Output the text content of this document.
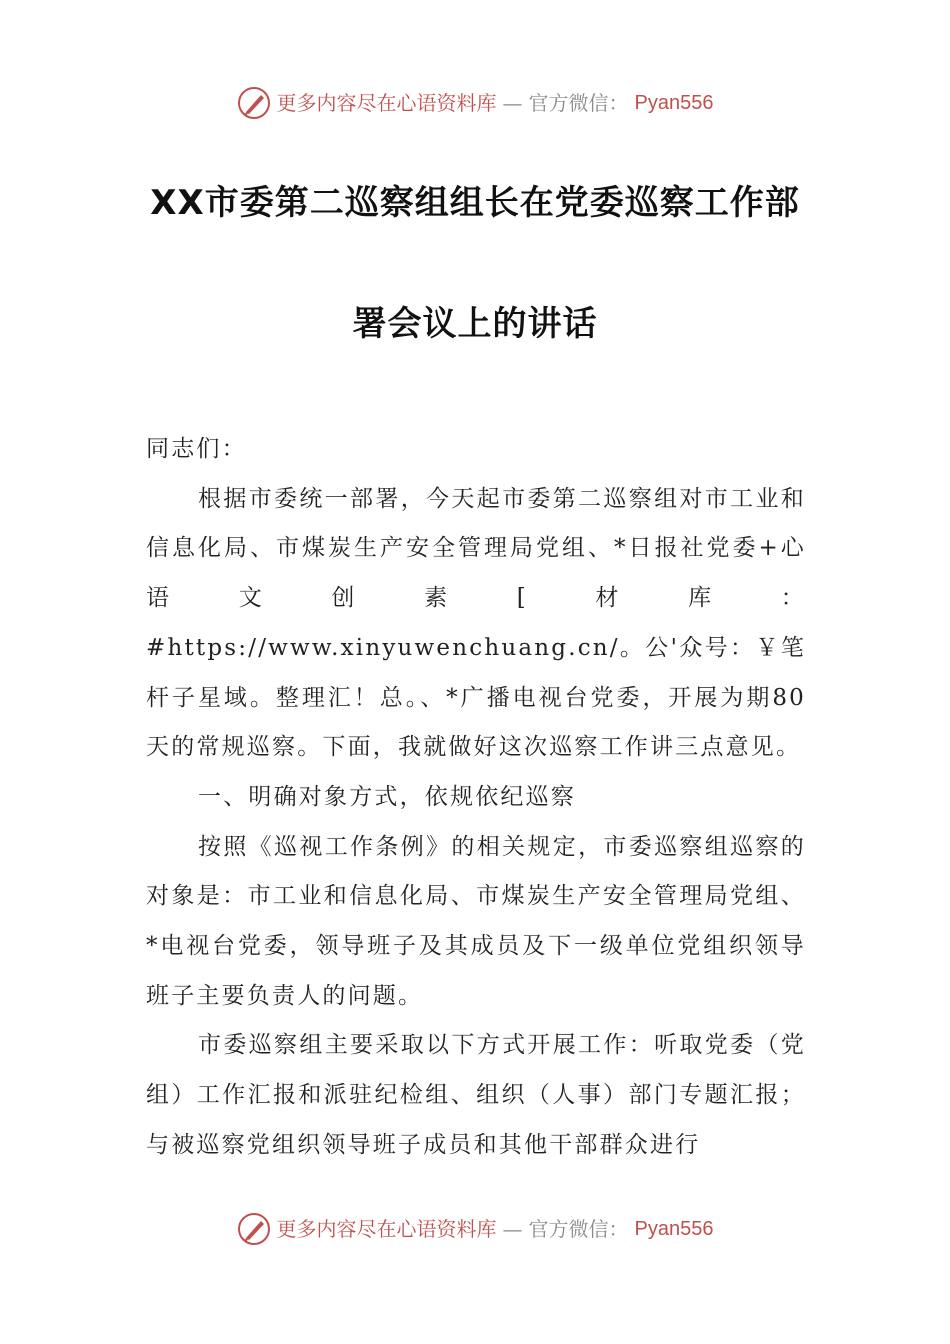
更多内容尽在心语资料库 — 官方微信： Pyan556
XX市委第二巡察组组长在党委巡察工作部
署会议上的讲话

同志们：

根据市委统一部署，今天起市委第二巡察组对市工业和信息化局、市煤炭生产安全管理局党组、*日报社党委+心语文创素[材库：#https://www.xinyuwenchuang.cn/。公'众号：￥笔杆子星域。整理汇！总。、*广播电视台党委，开展为期80天的常规巡察。下面，我就做好这次巡察工作讲三点意见。

一、明确对象方式，依规依纪巡察

按照《巡视工作条例》的相关规定，市委巡察组巡察的对象是：市工业和信息化局、市煤炭生产安全管理局党组、*电视台党委，领导班子及其成员及下一级单位党组织领导班子主要负责人的问题。

市委巡察组主要采取以下方式开展工作：听取党委（党组）工作汇报和派驻纪检组、组织（人事）部门专题汇报；与被巡察党组织领导班子成员和其他干部群众进行

更多内容尽在心语资料库 — 官方微信： Pyan556
